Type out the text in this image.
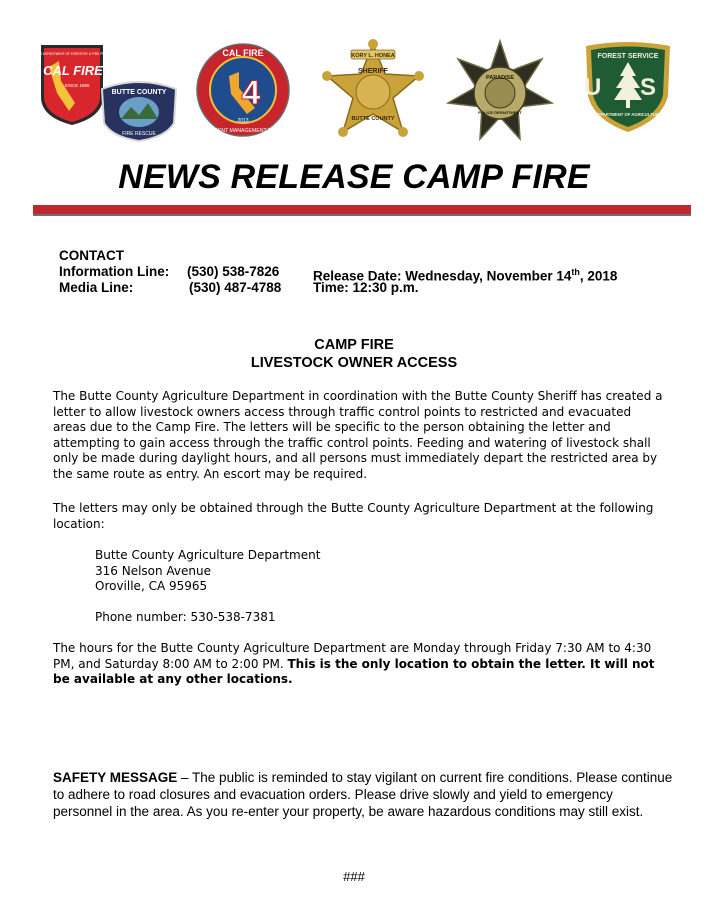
CALIFORNIA DEPARTMENT OF FORESTRY & FIRE PROTECTION
CAL FIRE
SINCE 1885
BUTTE COUNTY
FIRE RESCUE
CAL FIRE
4
INCIDENT MANAGEMENT TEAM
2013
KORY L. HONEA
SHERIFF
BUTTE COUNTY
PARADISE
POLICE DEPARTMENT
FOREST SERVICE
U S
DEPARTMENT OF AGRICULTURE
NEWS RELEASE CAMP FIRE
CONTACT
Information Line: (530) 538-7826 Release Date: Wednesday, November 14th, 2018
Media Line:	(530) 487-4788 Time: 12:30 p.m.
CAMP FIRE
LIVESTOCK OWNER ACCESS
The Butte County Agriculture Department in coordination with the Butte County Sheriff has created a letter to allow livestock owners access through traffic control points to restricted and evacuated areas due to the Camp Fire. The letters will be specific to the person obtaining the letter and attempting to gain access through the traffic control points. Feeding and watering of livestock shall only be made during daylight hours, and all persons must immediately depart the restricted area by the same route as entry. An escort may be required.
The letters may only be obtained through the Butte County Agriculture Department at the following location:
Butte County Agriculture Department
316 Nelson Avenue
Oroville, CA 95965
Phone number: 530-538-7381
The hours for the Butte County Agriculture Department are Monday through Friday 7:30 AM to 4:30 PM, and Saturday 8:00 AM to 2:00 PM. This is the only location to obtain the letter. It will not be available at any other locations.
SAFETY MESSAGE – The public is reminded to stay vigilant on current fire conditions. Please continue to adhere to road closures and evacuation orders. Please drive slowly and yield to emergency personnel in the area. As you re-enter your property, be aware hazardous conditions may still exist.
###
